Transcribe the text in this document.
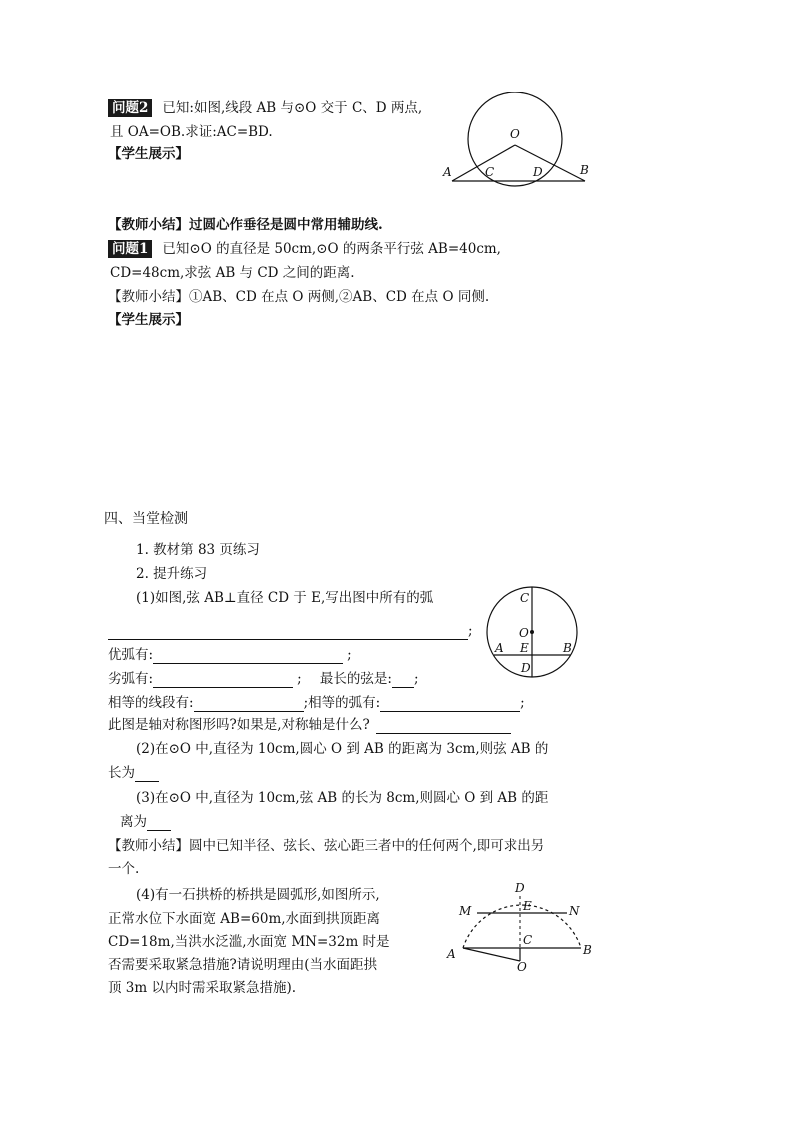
问题2 已知:如图,线段 AB 与⊙O 交于 C、D 两点,
且 OA=OB.求证:AC=BD.
【学生展示】
O
A	C	D	B
【教师小结】过圆心作垂径是圆中常用辅助线.
问题1 已知⊙O 的直径是 50cm,⊙O 的两条平行弦 AB=40cm,
CD=48cm,求弦 AB 与 CD 之间的距离.
【教师小结】①AB、CD 在点 O 两侧,②AB、CD 在点 O 同侧.
【学生展示】
四、当堂检测
1. 教材第 83 页练习
2. 提升练习
(1)如图,弦 AB⊥直径 CD 于 E,写出图中所有的弧	C
O
A E	B
D
;
优弧有:	;
劣弧有:	; 最长的弦是: ;
相等的线段有:	;相等的弧有:	;
此图是轴对称图形吗?如果是,对称轴是什么?
(2)在⊙O 中,直径为 10cm,圆心 O 到 AB 的距离为 3cm,则弦 AB 的
长为
(3)在⊙O 中,直径为 10cm,弦 AB 的长为 8cm,则圆心 O 到 AB 的距
离为
【教师小结】圆中已知半径、弦长、弦心距三者中的任何两个,即可求出另
一个.
(4)有一石拱桥的桥拱是圆弧形,如图所示,
正常水位下水面宽 AB=60m,水面到拱顶距离
CD=18m,当洪水泛滥,水面宽 MN=32m 时是
否需要采取紧急措施?请说明理由(当水面距拱
顶 3m 以内时需采取紧急措施).
D
M	E	N
C
A	B
O
